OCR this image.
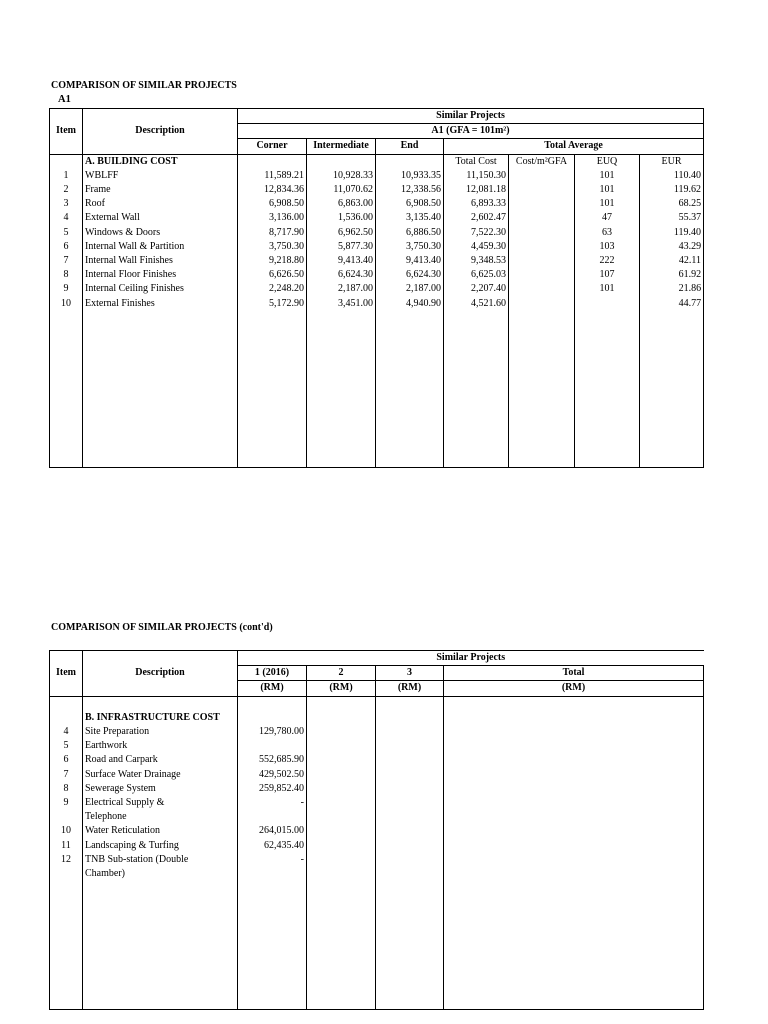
COMPARISON OF SIMILAR PROJECTS
A1
Item	Description	Similar Projects						
		A1 (GFA = 101m²)						
		Corner	Intermediate	End	Total Average			
	A. BUILDING COST				Total Cost	Cost/m²GFA	EUQ	EUR
1	WBLFF	11,589.21	10,928.33	10,933.35	11,150.30		101	110.40
2	Frame	12,834.36	11,070.62	12,338.56	12,081.18		101	119.62
3	Roof	6,908.50	6,863.00	6,908.50	6,893.33		101	68.25
4	External Wall	3,136.00	1,536.00	3,135.40	2,602.47		47	55.37
5	Windows & Doors	8,717.90	6,962.50	6,886.50	7,522.30		63	119.40
6	Internal Wall & Partition	3,750.30	5,877.30	3,750.30	4,459.30		103	43.29
7	Internal Wall Finishes	9,218.80	9,413.40	9,413.40	9,348.53		222	42.11
8	Internal Floor Finishes	6,626.50	6,624.30	6,624.30	6,625.03		107	61.92
9	Internal Ceiling Finishes	2,248.20	2,187.00	2,187.00	2,207.40		101	21.86
10	External Finishes	5,172.90	3,451.00	4,940.90	4,521.60			44.77

COMPARISON OF SIMILAR PROJECTS (cont'd)
		Similar Projects			
Item	Description	1 (2016)	2	3	Total
		(RM)	(RM)	(RM)	(RM)

	B. INFRASTRUCTURE COST				
4	Site Preparation	129,780.00			
5	Earthwork				
6	Road and Carpark	552,685.90			
7	Surface Water Drainage	429,502.50			
8	Sewerage System	259,852.40			
9	Electrical Supply &	-			
	Telephone				
10	Water Reticulation	264,015.00			
11	Landscaping & Turfing	62,435.40			
12	TNB Sub-station (Double	-			
	Chamber)				
